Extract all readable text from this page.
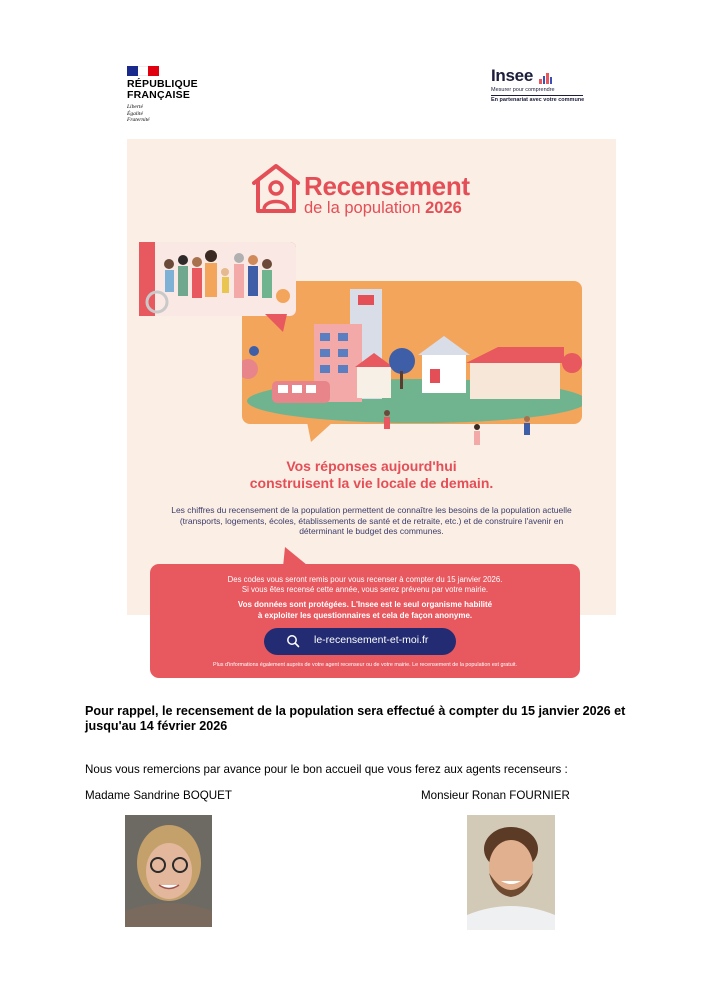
RÉPUBLIQUE
FRANÇAISE
Liberté
Égalité
Fraternité
Insee
Mesurer pour comprendre
En partenariat avec votre commune
Recensement
de la population 2026
Vos réponses aujourd'hui
construisent la vie locale de demain.
Les chiffres du recensement de la population permettent de connaître les besoins de la population actuelle (transports, logements, écoles, établissements de santé et de retraite, etc.) et de construire l'avenir en déterminant le budget des communes.
Des codes vous seront remis pour vous recenser à compter du 15 janvier 2026.
Si vous êtes recensé cette année, vous serez prévenu par votre mairie.
Vos données sont protégées. L'Insee est le seul organisme habilité
à exploiter les questionnaires et cela de façon anonyme.
le-recensement-et-moi.fr
Plus d'informations également auprès de votre agent recenseur ou de votre mairie. Le recensement de la population est gratuit.
Pour rappel, le recensement de la population sera effectué à compter du 15 janvier 2026 et jusqu'au 14 février 2026
Nous vous remercions par avance pour le bon accueil que vous ferez aux agents recenseurs :
Madame Sandrine BOQUET	Monsieur Ronan FOURNIER
